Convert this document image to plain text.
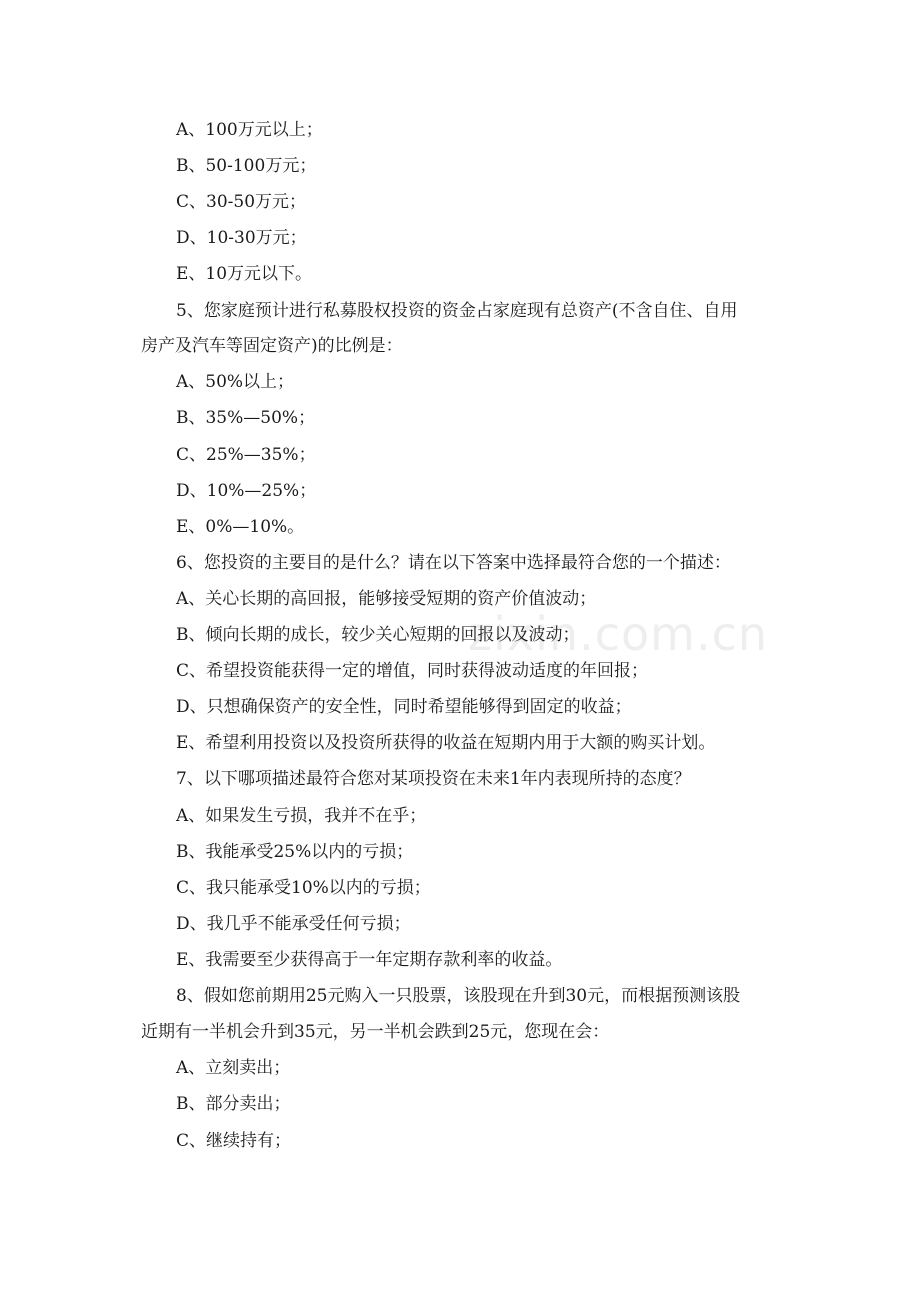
zixin.com.cn
A、100万元以上；
B、50-100万元；
C、30-50万元；
D、10-30万元；
E、10万元以下。
5、您家庭预计进行私募股权投资的资金占家庭现有总资产(不含自住、自用
房产及汽车等固定资产)的比例是：
A、50%以上；
B、35%—50%；
C、25%—35%；
D、10%—25%；
E、0%—10%。
6、您投资的主要目的是什么？请在以下答案中选择最符合您的一个描述：
A、关心长期的高回报，能够接受短期的资产价值波动；
B、倾向长期的成长，较少关心短期的回报以及波动；
C、希望投资能获得一定的增值，同时获得波动适度的年回报；
D、只想确保资产的安全性，同时希望能够得到固定的收益；
E、希望利用投资以及投资所获得的收益在短期内用于大额的购买计划。
7、以下哪项描述最符合您对某项投资在未来1年内表现所持的态度？
A、如果发生亏损，我并不在乎；
B、我能承受25%以内的亏损；
C、我只能承受10%以内的亏损；
D、我几乎不能承受任何亏损；
E、我需要至少获得高于一年定期存款利率的收益。
8、假如您前期用25元购入一只股票，该股现在升到30元，而根据预测该股
近期有一半机会升到35元，另一半机会跌到25元，您现在会：
A、立刻卖出；
B、部分卖出；
C、继续持有；
